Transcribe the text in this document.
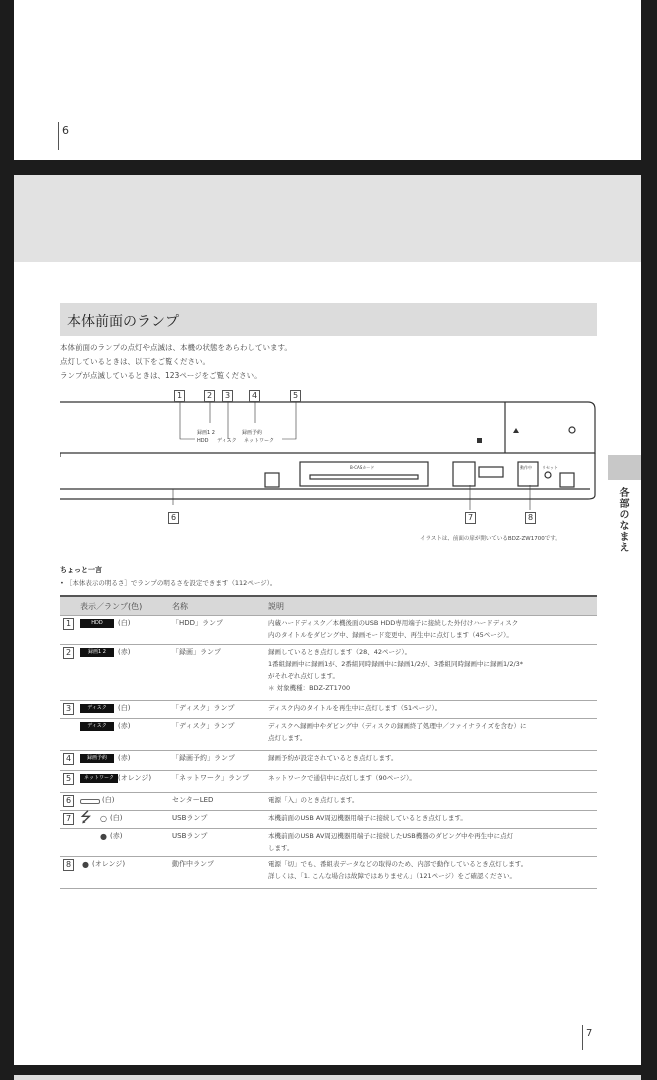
6
各部のなまえ
7
本体前面のランプ
本体前面のランプの点灯や点滅は、本機の状態をあらわしています。
点灯しているときは、以下をご覧ください。
ランプが点滅しているときは、123ページをご覧ください。
録画1 2	録画予約
HDD ディスク ネットワーク
B-CASカード	動作中	リセット
1	2	3	4	5
6	7	8
イラストは、前面の扉が開いているBDZ-ZW1700です。
ちょっと一言
• ［本体表示の明るさ］でランプの明るさを設定できます（112ページ）。
表示／ランプ(色)	名称	説明
1	HDD	(白)	「HDD」ランプ	内蔵ハードディスク／本機後面のUSB HDD専用端子に接続した外付けハードディスク
内のタイトルをダビング中、録画モード変更中、再生中に点灯します（45ページ）。
2	録画1 2	(赤)	「録画」ランプ	録画しているとき点灯します（28、42ページ）。
1番組録画中に録画1が、2番組同時録画中に録画1/2が、3番組同時録画中に録画1/2/3*
がそれぞれ点灯します。
＊ 対象機種：BDZ-ZT1700
3	ディスク	(白)	「ディスク」ランプ	ディスク内のタイトルを再生中に点灯します（51ページ）。
ディスク	(赤)	「ディスク」ランプ	ディスクへ録画中やダビング中（ディスクの録画終了処理中／ファイナライズを含む）に
点灯します。
4	録画予約	(赤)	「録画予約」ランプ	録画予約が設定されているとき点灯します。
5	ネットワーク (オレンジ)	「ネットワーク」ランプ	ネットワークで通信中に点灯します（90ページ）。
6	(白)	センターLED	電源「入」のとき点灯します。
7 ⭍ ○ (白)	USBランプ	本機前面のUSB AV周辺機器用端子に接続しているとき点灯します。
● (赤)	USBランプ	本機前面のUSB AV周辺機器用端子に接続したUSB機器のダビング中や再生中に点灯
します。
8	● (オレンジ)	動作中ランプ	電源「切」でも、番組表データなどの取得のため、内部で動作しているとき点灯します。
詳しくは、「1. こんな場合は故障ではありません」（121ページ）をご確認ください。
